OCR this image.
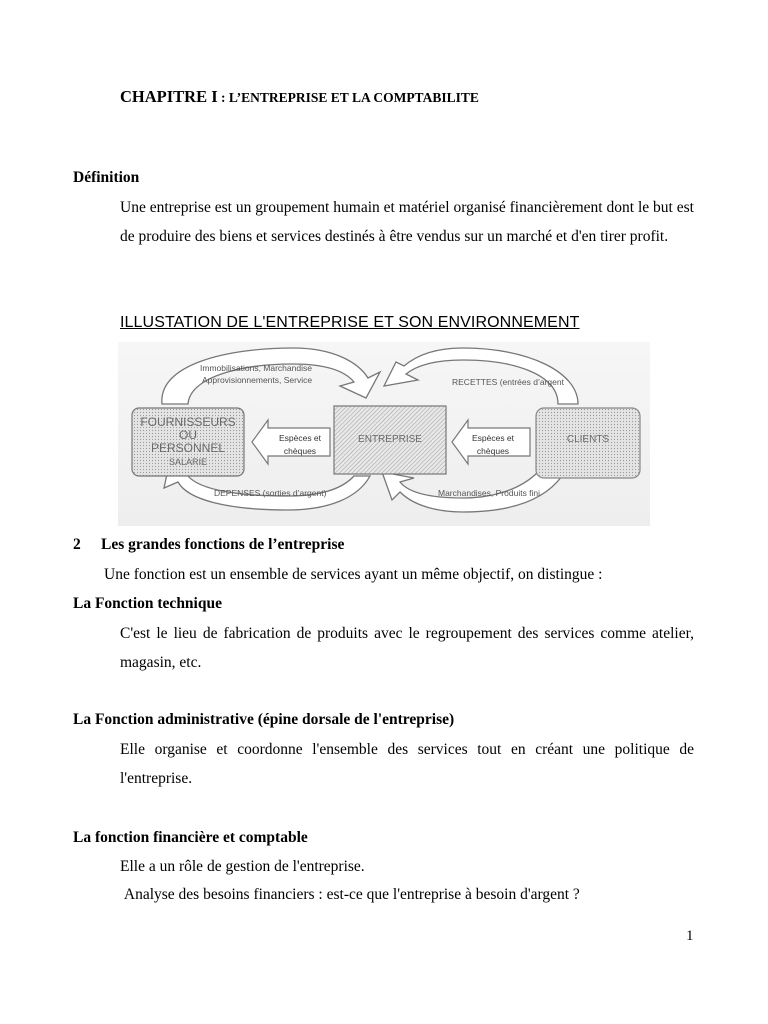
CHAPITRE I : L’ENTREPRISE ET LA COMPTABILITE
Définition
Une entreprise est un groupement humain et matériel organisé financièrement dont le but est de produire des biens et services destinés à être vendus sur un marché et d'en tirer profit.
ILLUSTATION DE L'ENTREPRISE ET SON ENVIRONNEMENT
FOURNISSEURS
OU
PERSONNEL
SALARIE
ENTREPRISE	CLIENTS
Espèces et
chèques
Espèces et
chèques
Immobilisations, Marchandise
Approvisionnements, Service	RECETTES (entrées d’argent
DEPENSES (sorties d’argent)	Marchandises, Produits fini
2 Les grandes fonctions de l’entreprise
Une fonction est un ensemble de services ayant un même objectif, on distingue :
La Fonction technique
C'est le lieu de fabrication de produits avec le regroupement des services comme atelier, magasin, etc.
La Fonction administrative (épine dorsale de l'entreprise)
Elle organise et coordonne l'ensemble des services tout en créant une politique de l'entreprise.
La fonction financière et comptable
Elle a un rôle de gestion de l'entreprise.
Analyse des besoins financiers : est-ce que l'entreprise à besoin d'argent ?
1
